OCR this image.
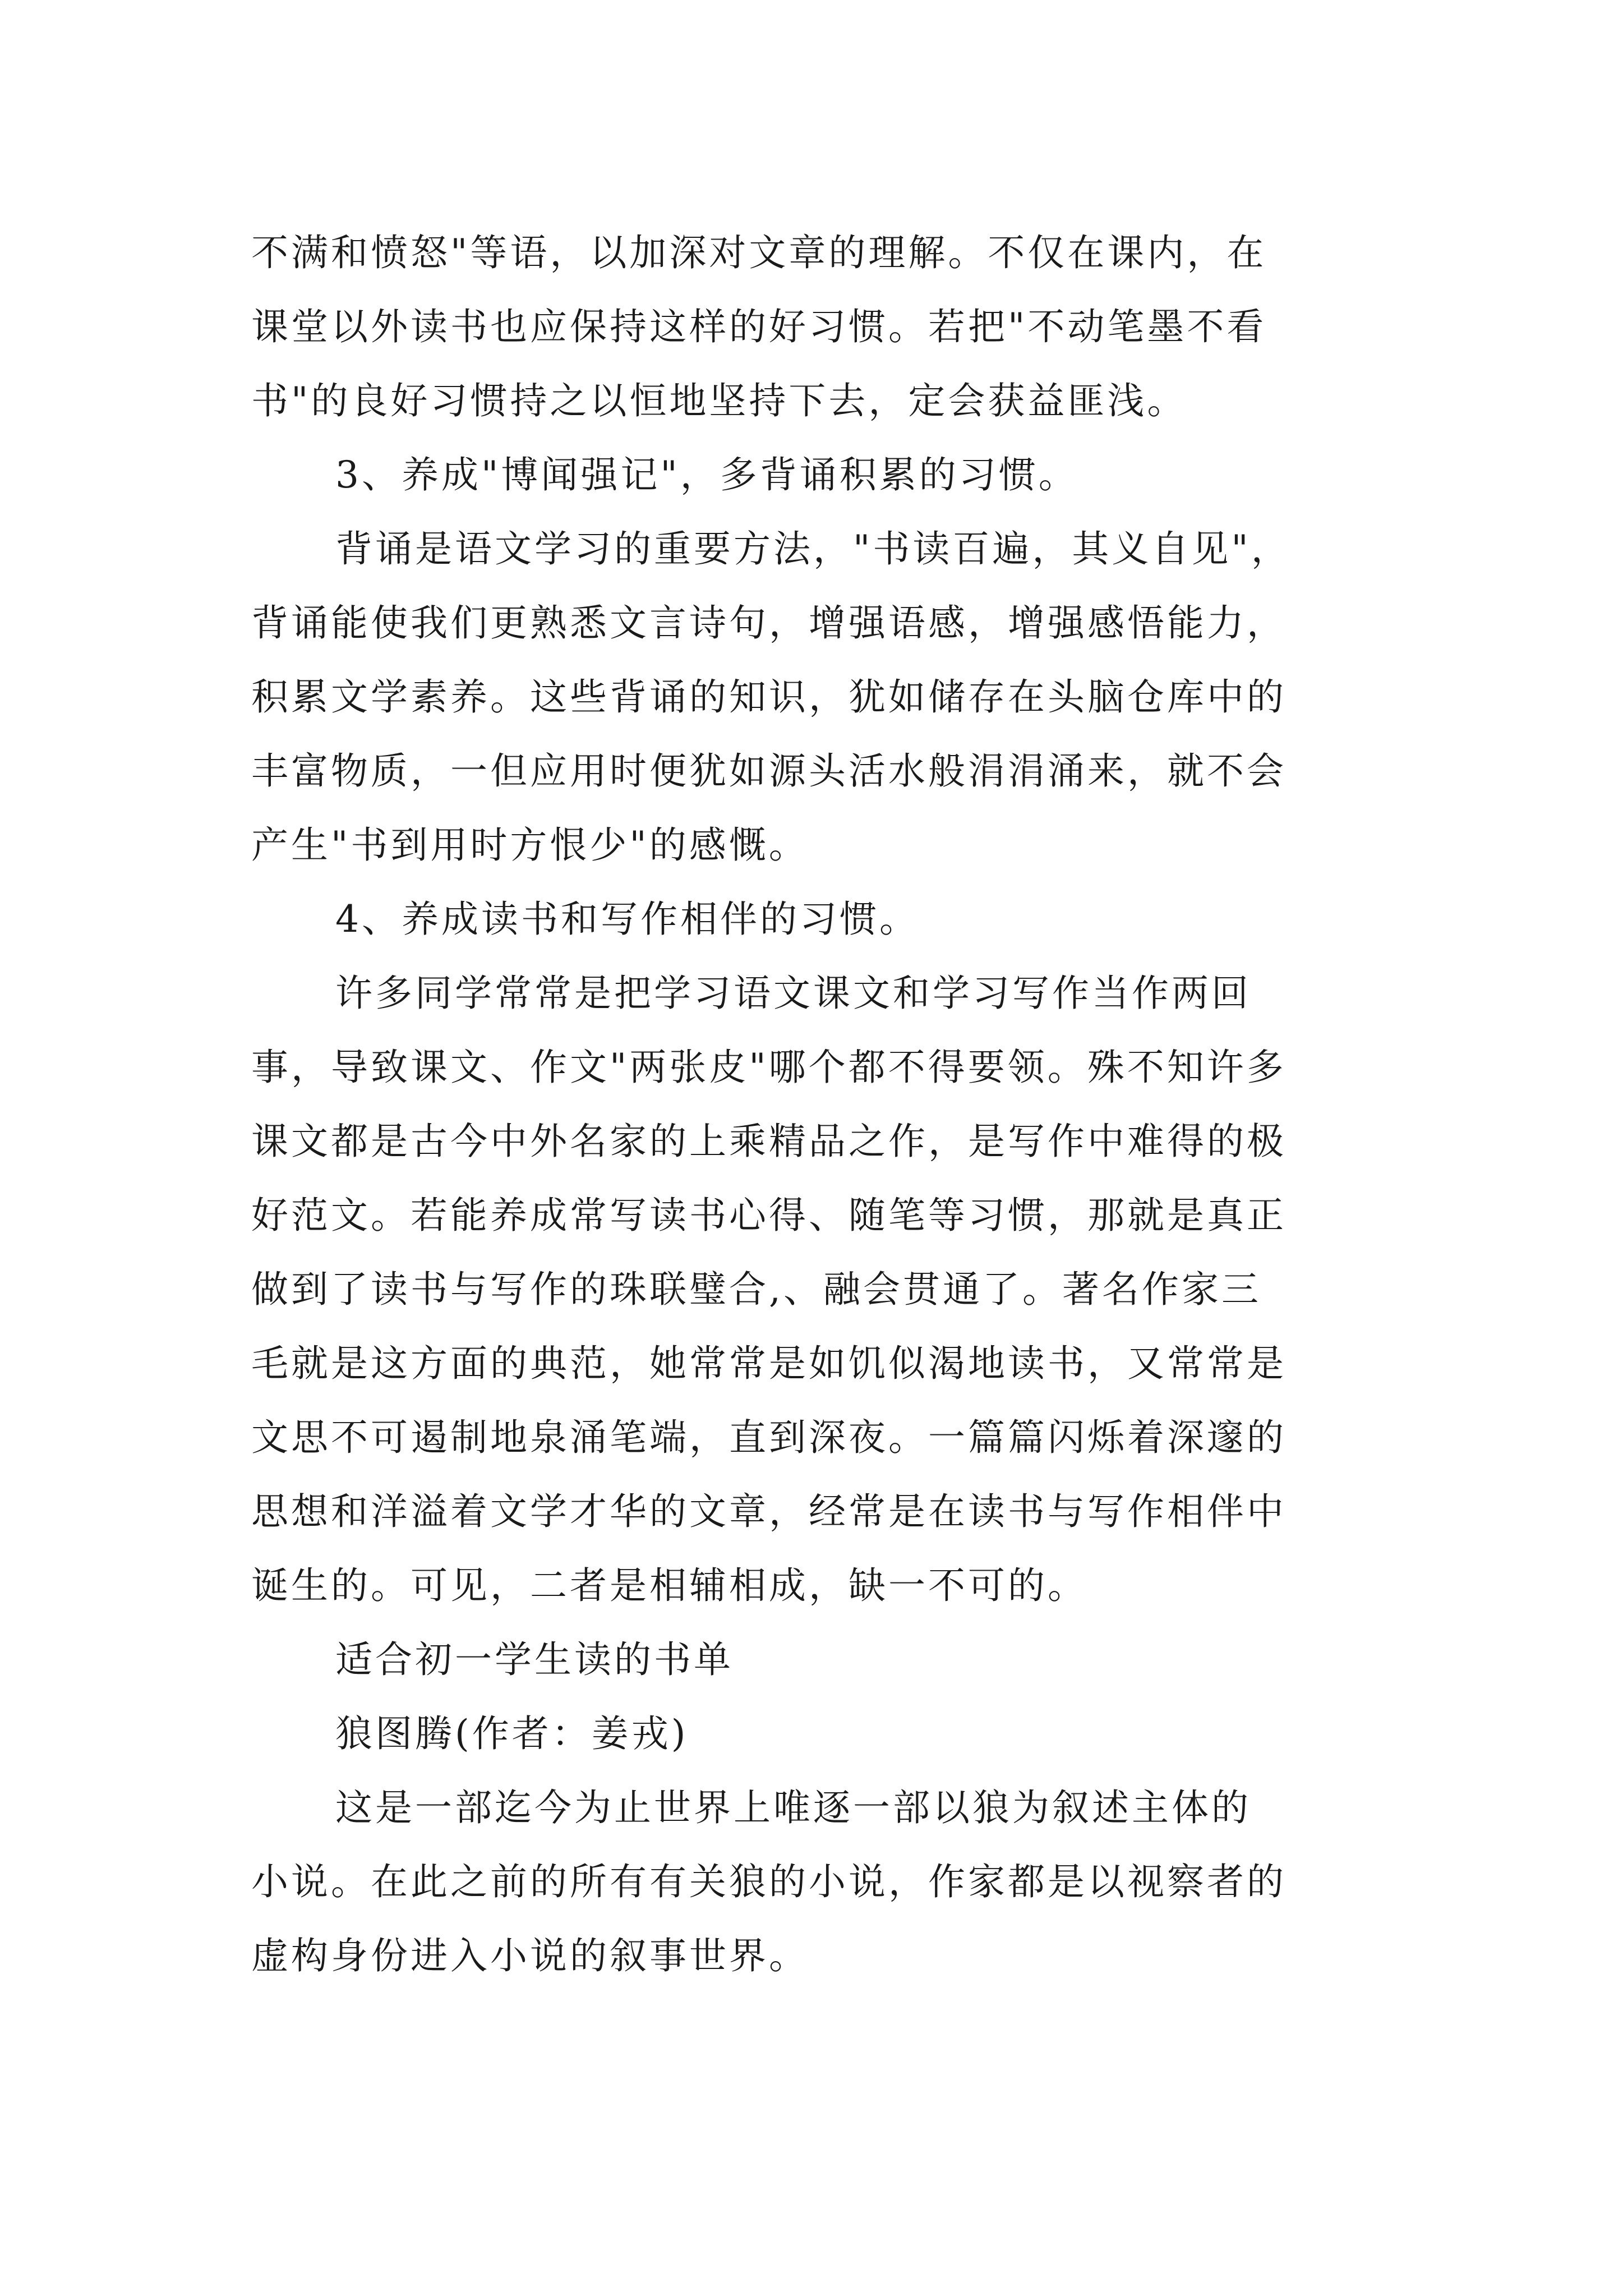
不满和愤怒"等语，以加深对文章的理解。不仅在课内，在
课堂以外读书也应保持这样的好习惯。若把"不动笔墨不看
书"的良好习惯持之以恒地坚持下去，定会获益匪浅。
3、养成"博闻强记"，多背诵积累的习惯。
背诵是语文学习的重要方法，"书读百遍，其义自见"，
背诵能使我们更熟悉文言诗句，增强语感，增强感悟能力，
积累文学素养。这些背诵的知识，犹如储存在头脑仓库中的
丰富物质，一但应用时便犹如源头活水般涓涓涌来，就不会
产生"书到用时方恨少"的感慨。
4、养成读书和写作相伴的习惯。
许多同学常常是把学习语文课文和学习写作当作两回
事，导致课文、作文"两张皮"哪个都不得要领。殊不知许多
课文都是古今中外名家的上乘精品之作，是写作中难得的极
好范文。若能养成常写读书心得、随笔等习惯，那就是真正
做到了读书与写作的珠联璧合,、融会贯通了。著名作家三
毛就是这方面的典范，她常常是如饥似渴地读书，又常常是
文思不可遏制地泉涌笔端，直到深夜。一篇篇闪烁着深邃的
思想和洋溢着文学才华的文章，经常是在读书与写作相伴中
诞生的。可见，二者是相辅相成，缺一不可的。
适合初一学生读的书单
狼图腾(作者：姜戎)
这是一部迄今为止世界上唯逐一部以狼为叙述主体的
小说。在此之前的所有有关狼的小说，作家都是以视察者的
虚构身份进入小说的叙事世界。
